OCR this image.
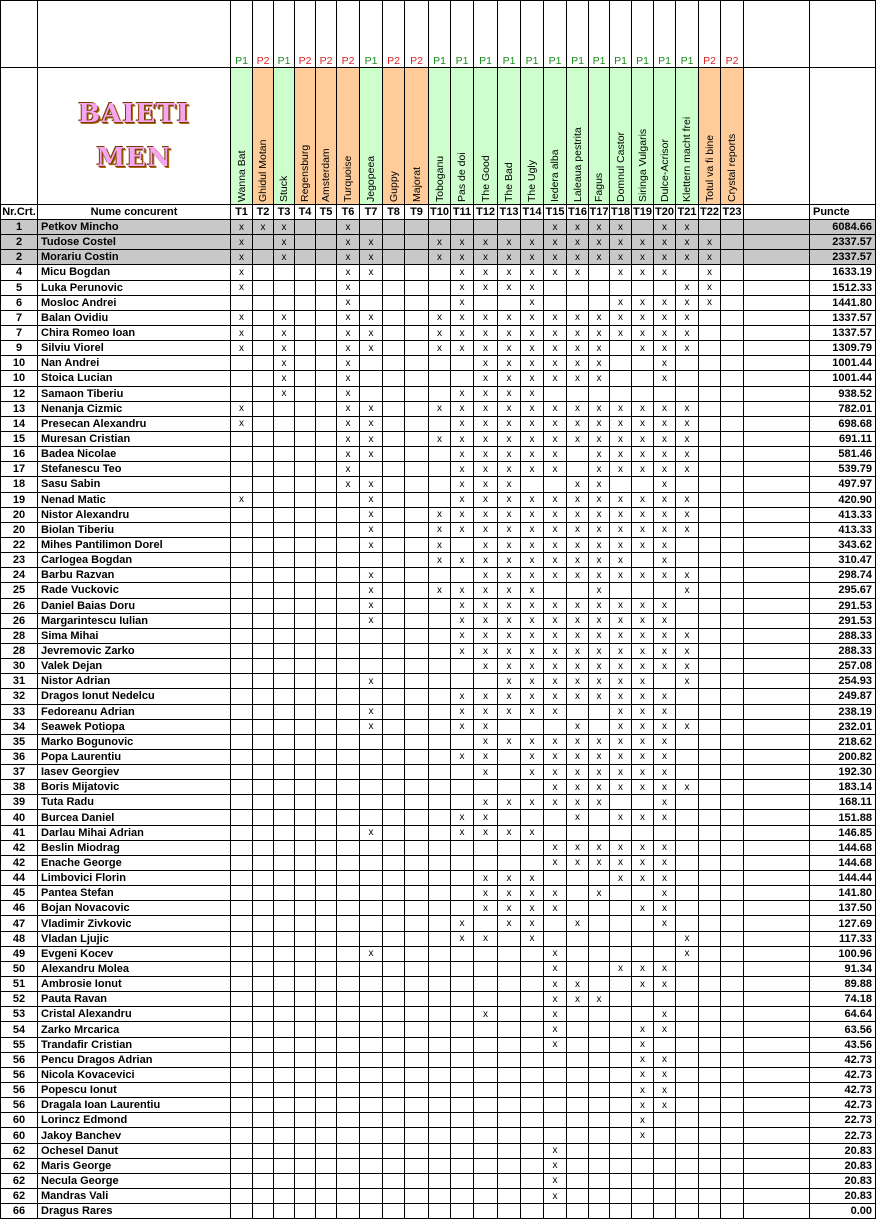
		P1	P2	P1	P2	P2	P2	P1	P2	P2	P1	P1	P1	P1	P1	P1	P1	P1	P1	P1	P1	P1	P2	P2		

	BAIETI
MEN	Wanna Bat	Ghidul Motan	Stuck	Regensburg	Amsterdam	Turquoise	Jegopeea	Guppy	Majorat	Toboganu	Pas de doi	The Good	The Bad	The Ugly	Iedera alba	Laleaua pestrita	Fagus	Domnul Castor	Siringa Vulgaris	Dulce-Acrisor	Klettern macht frei	Totul va fi bine	Crystal reports		

Nr.Crt.	Nume concurent	T1	T2	T3	T4	T5	T6	T7	T8	T9	T10	T11	T12	T13	T14	T15	T16	T17	T18	T19	T20	T21	T22	T23		Puncte
1	Petkov Mincho	x	x	x			x									x	x	x	x		x	x				6084.66
2	Tudose Costel	x		x			x	x			x	x	x	x	x	x	x	x	x	x	x	x	x			2337.57
2	Morariu Costin	x		x			x	x			x	x	x	x	x	x	x	x	x	x	x	x	x			2337.57
4	Micu Bogdan	x					x	x				x	x	x	x	x	x		x	x	x		x			1633.19
5	Luka Perunovic	x					x					x	x	x	x							x	x			1512.33
6	Mosloc Andrei						x					x			x				x	x	x	x	x			1441.80
7	Balan Ovidiu	x		x			x	x			x	x	x	x	x	x	x	x	x	x	x	x				1337.57
7	Chira Romeo Ioan	x		x			x	x			x	x	x	x	x	x	x	x	x	x	x	x				1337.57
9	Silviu Viorel	x		x			x	x			x	x	x	x	x	x	x	x		x	x	x				1309.79
10	Nan Andrei			x			x						x	x	x	x	x	x			x					1001.44
10	Stoica Lucian			x			x						x	x	x	x	x	x			x					1001.44
12	Samaon Tiberiu			x			x					x	x	x	x											938.52
13	Nenanja Cizmic	x					x	x			x	x	x	x	x	x	x	x	x	x	x	x				782.01
14	Presecan Alexandru	x					x	x				x	x	x	x	x	x	x	x	x	x	x				698.68
15	Muresan Cristian						x	x			x	x	x	x	x	x	x	x	x	x	x	x				691.11
16	Badea Nicolae						x	x				x	x	x	x	x		x	x	x	x	x				581.46
17	Stefanescu Teo						x					x	x	x	x	x		x	x	x	x	x				539.79
18	Sasu Sabin						x	x				x	x	x			x	x			x					497.97
19	Nenad Matic	x						x				x	x	x	x	x	x	x	x	x	x	x				420.90
20	Nistor Alexandru							x			x	x	x	x	x	x	x	x	x	x	x	x				413.33
20	Biolan Tiberiu							x			x	x	x	x	x	x	x	x	x	x	x	x				413.33
22	Mihes Pantilimon Dorel							x			x		x	x	x	x	x	x	x	x	x					343.62
23	Carlogea Bogdan										x	x	x	x	x	x	x	x	x		x					310.47
24	Barbu Razvan							x					x	x	x	x	x	x	x	x	x	x				298.74
25	Rade Vuckovic							x			x	x	x	x	x			x				x				295.67
26	Daniel Baias Doru							x				x	x	x	x	x	x	x	x	x	x					291.53
26	Margarintescu Iulian							x				x	x	x	x	x	x	x	x	x	x					291.53
28	Sima Mihai											x	x	x	x	x	x	x	x	x	x	x				288.33
28	Jevremovic Zarko											x	x	x	x	x	x	x	x	x	x	x				288.33
30	Valek Dejan												x	x	x	x	x	x	x	x	x	x				257.08
31	Nistor Adrian							x						x	x	x	x	x	x	x		x				254.93
32	Dragos Ionut Nedelcu											x	x	x	x	x	x	x	x	x	x					249.87
33	Fedoreanu Adrian							x				x	x	x	x	x			x	x	x					238.19
34	Seawek Potiopa							x				x	x				x		x	x	x	x				232.01
35	Marko Bogunovic												x	x	x	x	x	x	x	x	x					218.62
36	Popa Laurentiu											x	x		x	x	x	x	x	x	x					200.82
37	Iasev Georgiev												x		x	x	x	x	x	x	x					192.30
38	Boris Mijatovic															x	x	x	x	x	x	x				183.14
39	Tuta Radu												x	x	x	x	x	x			x					168.11
40	Burcea Daniel											x	x				x		x	x	x					151.88
41	Darlau Mihai Adrian							x				x	x	x	x											146.85
42	Beslin Miodrag															x	x	x	x	x	x					144.68
42	Enache George															x	x	x	x	x	x					144.68
44	Limbovici Florin												x	x	x				x	x	x					144.44
45	Pantea Stefan												x	x	x	x		x			x					141.80
46	Bojan Novacovic												x	x	x	x				x	x					137.50
47	Vladimir Zivkovic											x		x	x		x				x					127.69
48	Vladan Ljujic											x	x		x							x				117.33
49	Evgeni Kocev							x								x						x				100.96
50	Alexandru Molea															x			x	x	x					91.34
51	Ambrosie Ionut															x	x			x	x					89.88
52	Pauta Ravan															x	x	x								74.18
53	Cristal Alexandru												x			x					x					64.64
54	Zarko Mrcarica															x				x	x					63.56
55	Trandafir Cristian															x				x						43.56
56	Pencu Dragos Adrian																			x	x					42.73
56	Nicola Kovacevici																			x	x					42.73
56	Popescu Ionut																			x	x					42.73
56	Dragala Ioan Laurentiu																			x	x					42.73
60	Lorincz Edmond																			x						22.73
60	Jakoy Banchev																			x						22.73
62	Ochesel Danut															x										20.83
62	Maris George															x										20.83
62	Necula George															x										20.83
62	Mandras Vali															x										20.83
66	Dragus Rares																									0.00
